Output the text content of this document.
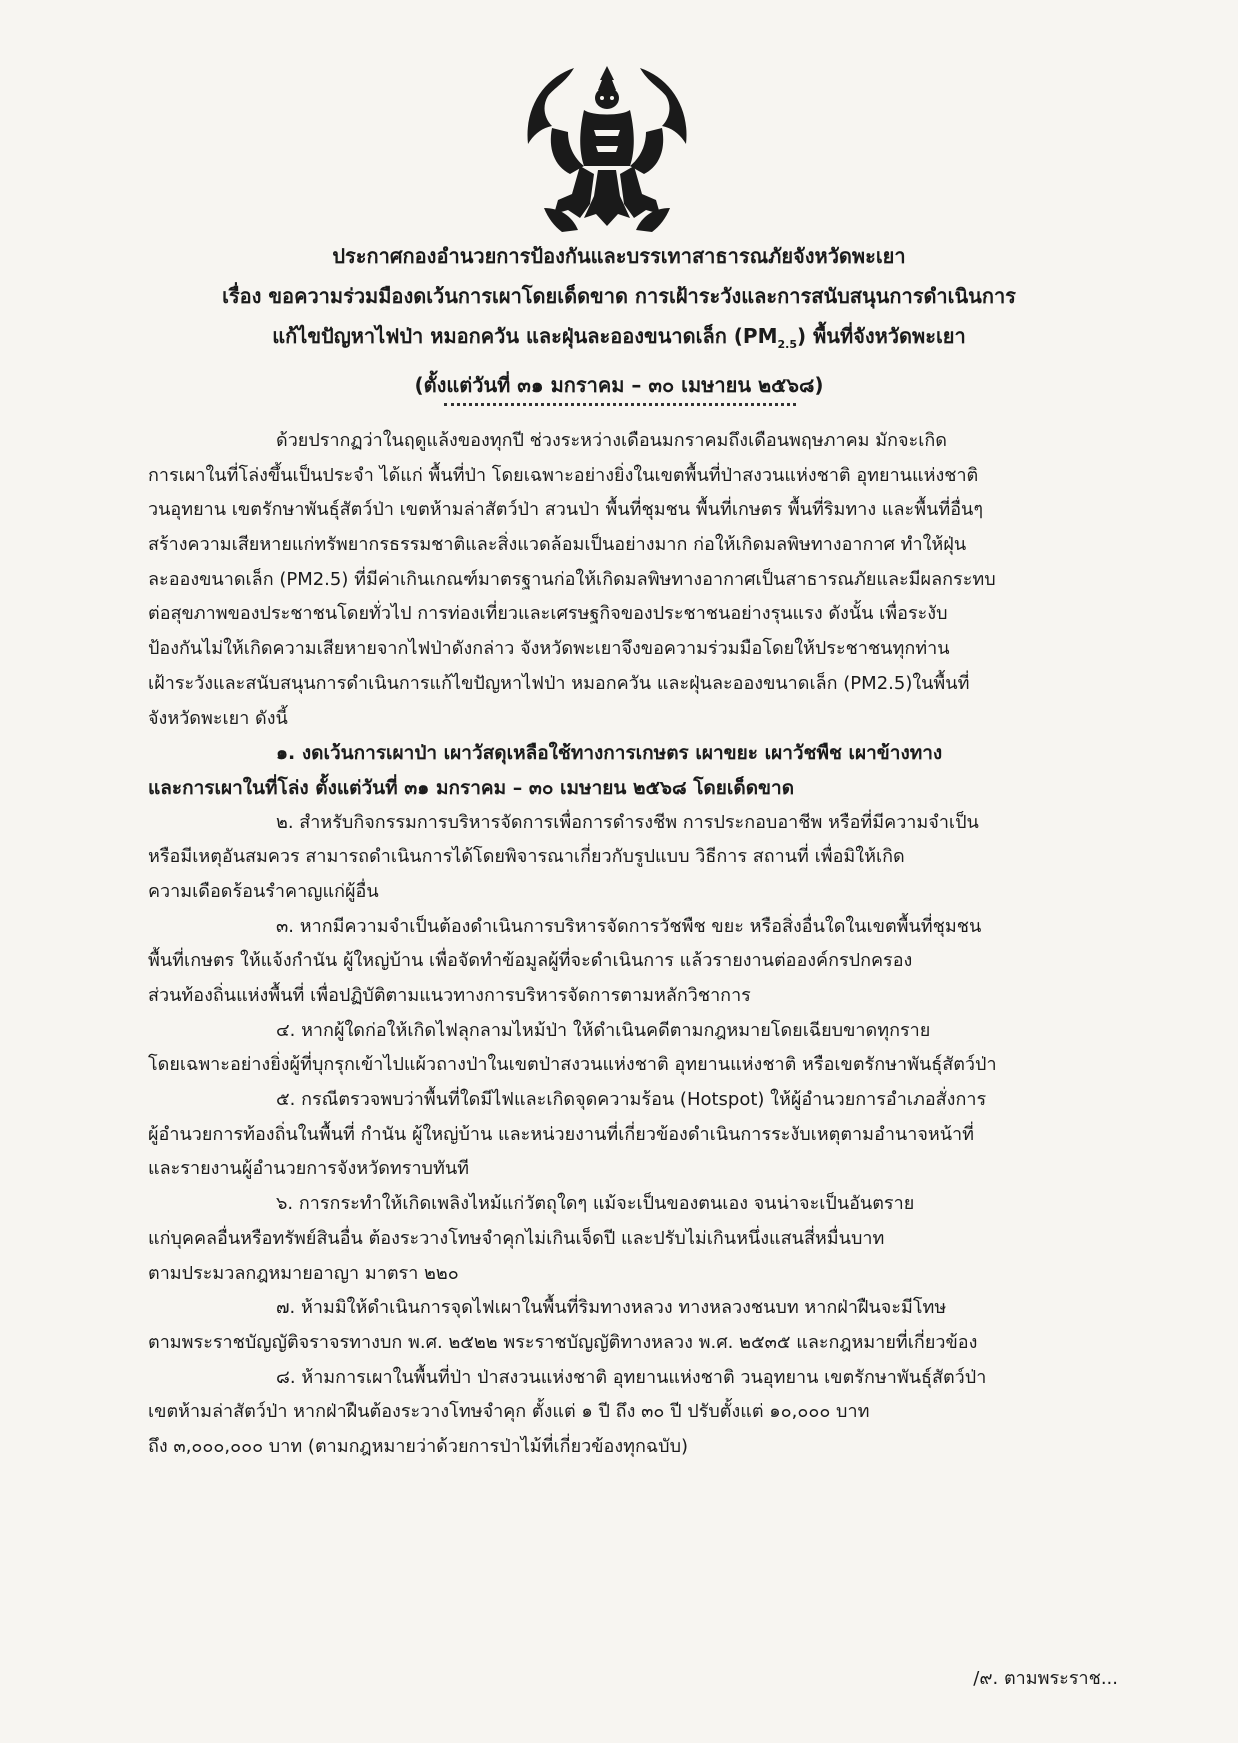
ประกาศกองอำนวยการป้องกันและบรรเทาสาธารณภัยจังหวัดพะเยา
เรื่อง ขอความร่วมมืองดเว้นการเผาโดยเด็ดขาด การเฝ้าระวังและการสนับสนุนการดำเนินการ
แก้ไขปัญหาไฟป่า หมอกควัน และฝุ่นละอองขนาดเล็ก $(PM_{2.5})$ พื้นที่จังหวัดพะเยา
(ตั้งแต่วันที่ ๓๑ มกราคม – ๓๐ เมษายน ๒๕๖๘)
ด้วยปรากฏว่าในฤดูแล้งของทุกปี ช่วงระหว่างเดือนมกราคมถึงเดือนพฤษภาคม มักจะเกิด
การเผาในที่โล่งขึ้นเป็นประจำ ได้แก่ พื้นที่ป่า โดยเฉพาะอย่างยิ่งในเขตพื้นที่ป่าสงวนแห่งชาติ อุทยานแห่งชาติ
วนอุทยาน เขตรักษาพันธุ์สัตว์ป่า เขตห้ามล่าสัตว์ป่า สวนป่า พื้นที่ชุมชน พื้นที่เกษตร พื้นที่ริมทาง และพื้นที่อื่นๆ
สร้างความเสียหายแก่ทรัพยากรธรรมชาติและสิ่งแวดล้อมเป็นอย่างมาก ก่อให้เกิดมลพิษทางอากาศ ทำให้ฝุ่น
ละอองขนาดเล็ก (PM2.5) ที่มีค่าเกินเกณฑ์มาตรฐานก่อให้เกิดมลพิษทางอากาศเป็นสาธารณภัยและมีผลกระทบ
ต่อสุขภาพของประชาชนโดยทั่วไป การท่องเที่ยวและเศรษฐกิจของประชาชนอย่างรุนแรง ดังนั้น เพื่อระงับ
ป้องกันไม่ให้เกิดความเสียหายจากไฟป่าดังกล่าว จังหวัดพะเยาจึงขอความร่วมมือโดยให้ประชาชนทุกท่าน
เฝ้าระวังและสนับสนุนการดำเนินการแก้ไขปัญหาไฟป่า หมอกควัน และฝุ่นละอองขนาดเล็ก (PM2.5)ในพื้นที่
จังหวัดพะเยา ดังนี้
๑. งดเว้นการเผาป่า เผาวัสดุเหลือใช้ทางการเกษตร เผาขยะ เผาวัชพืช เผาข้างทาง
และการเผาในที่โล่ง ตั้งแต่วันที่ ๓๑ มกราคม – ๓๐ เมษายน ๒๕๖๘ โดยเด็ดขาด
๒. สำหรับกิจกรรมการบริหารจัดการเพื่อการดำรงชีพ การประกอบอาชีพ หรือที่มีความจำเป็น
หรือมีเหตุอันสมควร สามารถดำเนินการได้โดยพิจารณาเกี่ยวกับรูปแบบ วิธีการ สถานที่ เพื่อมิให้เกิด
ความเดือดร้อนรำคาญแก่ผู้อื่น
๓. หากมีความจำเป็นต้องดำเนินการบริหารจัดการวัชพืช ขยะ หรือสิ่งอื่นใดในเขตพื้นที่ชุมชน
พื้นที่เกษตร ให้แจ้งกำนัน ผู้ใหญ่บ้าน เพื่อจัดทำข้อมูลผู้ที่จะดำเนินการ แล้วรายงานต่อองค์กรปกครอง
ส่วนท้องถิ่นแห่งพื้นที่ เพื่อปฏิบัติตามแนวทางการบริหารจัดการตามหลักวิชาการ
๔. หากผู้ใดก่อให้เกิดไฟลุกลามไหม้ป่า ให้ดำเนินคดีตามกฎหมายโดยเฉียบขาดทุกราย
โดยเฉพาะอย่างยิ่งผู้ที่บุกรุกเข้าไปแผ้วถางป่าในเขตป่าสงวนแห่งชาติ อุทยานแห่งชาติ หรือเขตรักษาพันธุ์สัตว์ป่า
๕. กรณีตรวจพบว่าพื้นที่ใดมีไฟและเกิดจุดความร้อน (Hotspot) ให้ผู้อำนวยการอำเภอสั่งการ
ผู้อำนวยการท้องถิ่นในพื้นที่ กำนัน ผู้ใหญ่บ้าน และหน่วยงานที่เกี่ยวข้องดำเนินการระงับเหตุตามอำนาจหน้าที่
และรายงานผู้อำนวยการจังหวัดทราบทันที
๖. การกระทำให้เกิดเพลิงไหม้แก่วัตถุใดๆ แม้จะเป็นของตนเอง จนน่าจะเป็นอันตราย
แก่บุคคลอื่นหรือทรัพย์สินอื่น ต้องระวางโทษจำคุกไม่เกินเจ็ดปี และปรับไม่เกินหนึ่งแสนสี่หมื่นบาท
ตามประมวลกฎหมายอาญา มาตรา ๒๒๐
๗. ห้ามมิให้ดำเนินการจุดไฟเผาในพื้นที่ริมทางหลวง ทางหลวงชนบท หากฝ่าฝืนจะมีโทษ
ตามพระราชบัญญัติจราจรทางบก พ.ศ. ๒๕๒๒ พระราชบัญญัติทางหลวง พ.ศ. ๒๕๓๕ และกฎหมายที่เกี่ยวข้อง
๘. ห้ามการเผาในพื้นที่ป่า ป่าสงวนแห่งชาติ อุทยานแห่งชาติ วนอุทยาน เขตรักษาพันธุ์สัตว์ป่า
เขตห้ามล่าสัตว์ป่า หากฝ่าฝืนต้องระวางโทษจำคุก ตั้งแต่ ๑ ปี ถึง ๓๐ ปี ปรับตั้งแต่ ๑๐,๐๐๐ บาท
ถึง ๓,๐๐๐,๐๐๐ บาท (ตามกฎหมายว่าด้วยการป่าไม้ที่เกี่ยวข้องทุกฉบับ)
/๙. ตามพระราช...
